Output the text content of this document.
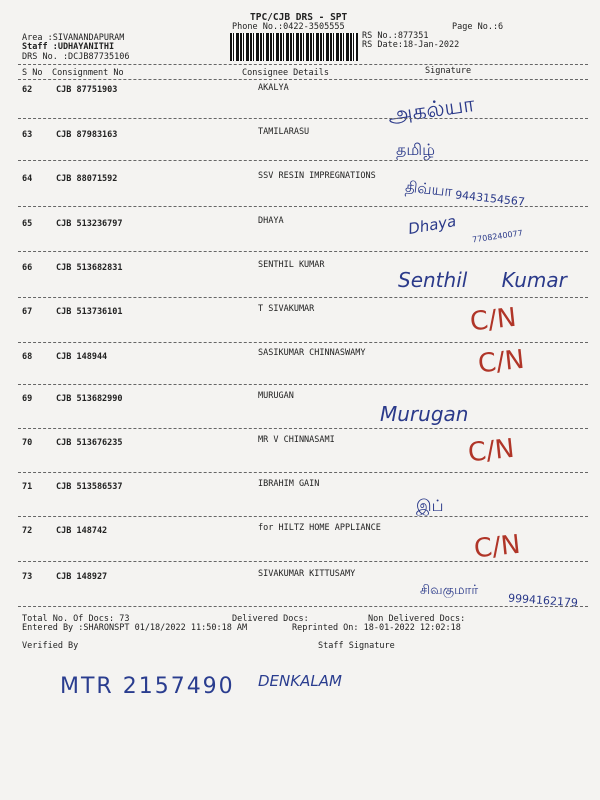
TPC/CJB DRS - SPT
Phone No.:0422-3505555	Page No.:6
Area :SIVANANDAPURAM
Staff :UDHAYANITHI
DRS No. :DCJB87735106
RS No.:877351
RS Date:18-Jan-2022
S No Consignment No	Consignee Details	Signature
62	CJB 87751903	AKALYA
அகல்யா
63	CJB 87983163	TAMILARASU
தமிழ்
64	CJB 88071592	SSV RESIN IMPREGNATIONS
திவ்யா 9443154567
65	CJB 513236797	DHAYA	Dhaya 7708240077
66	CJB 513682831	SENTHIL KUMAR
Senthil Kumar
67	CJB 513736101	T SIVAKUMAR	C/N
68	CJB 148944	SASIKUMAR CHINNASWAMY	C/N
69	CJB 513682990	MURUGAN
Murugan
70	CJB 513676235	MR V CHINNASAMI	C/N
71	CJB 513586537	IBRAHIM GAIN
இப்
72	CJB 148742	for HILTZ HOME APPLIANCE
C/N
73	CJB 148927	SIVAKUMAR KITTUSAMY
சிவகுமார்
9994162179
Total No. Of Docs: 73	Delivered Docs:	Non Delivered Docs:
Entered By :SHARONSPT 01/18/2022 11:50:18 AM	Reprinted On: 18-01-2022 12:02:18
Verified By	Staff Signature
MTR 2157490 DENKALAM
